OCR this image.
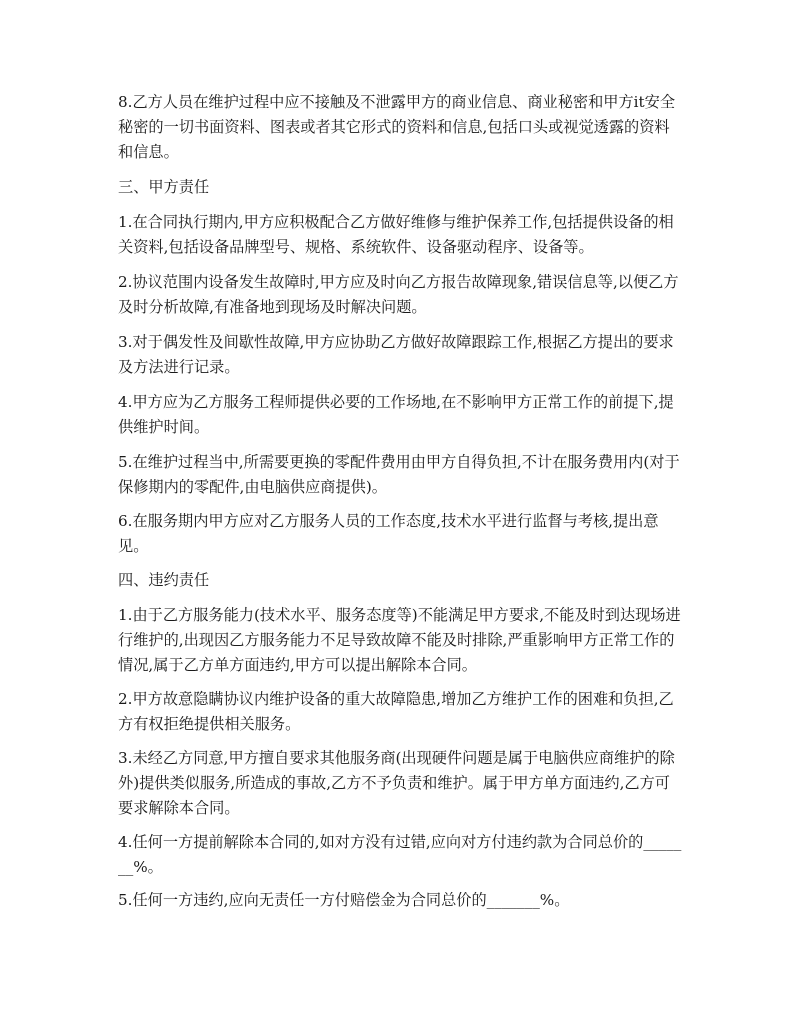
8.乙方人员在维护过程中应不接触及不泄露甲方的商业信息、商业秘密和甲方it安全秘密的一切书面资料、图表或者其它形式的资料和信息,包括口头或视觉透露的资料和信息。

三、甲方责任

1.在合同执行期内,甲方应积极配合乙方做好维修与维护保养工作,包括提供设备的相关资料,包括设备品牌型号、规格、系统软件、设备驱动程序、设备等。

2.协议范围内设备发生故障时,甲方应及时向乙方报告故障现象,错误信息等,以便乙方及时分析故障,有准备地到现场及时解决问题。

3.对于偶发性及间歇性故障,甲方应协助乙方做好故障跟踪工作,根据乙方提出的要求及方法进行记录。

4.甲方应为乙方服务工程师提供必要的工作场地,在不影响甲方正常工作的前提下,提供维护时间。

5.在维护过程当中,所需要更换的零配件费用由甲方自得负担,不计在服务费用内(对于保修期内的零配件,由电脑供应商提供)。

6.在服务期内甲方应对乙方服务人员的工作态度,技术水平进行监督与考核,提出意见。

四、违约责任

1.由于乙方服务能力(技术水平、服务态度等)不能满足甲方要求,不能及时到达现场进行维护的,出现因乙方服务能力不足导致故障不能及时排除,严重影响甲方正常工作的情况,属于乙方单方面违约,甲方可以提出解除本合同。

2.甲方故意隐瞒协议内维护设备的重大故障隐患,增加乙方维护工作的困难和负担,乙方有权拒绝提供相关服务。

3.未经乙方同意,甲方擅自要求其他服务商(出现硬件问题是属于电脑供应商维护的除外)提供类似服务,所造成的事故,乙方不予负责和维护。属于甲方单方面违约,乙方可要求解除本合同。

4.任何一方提前解除本合同的,如对方没有过错,应向对方付违约款为合同总价的_______%。

5.任何一方违约,应向无责任一方付赔偿金为合同总价的_______%。
